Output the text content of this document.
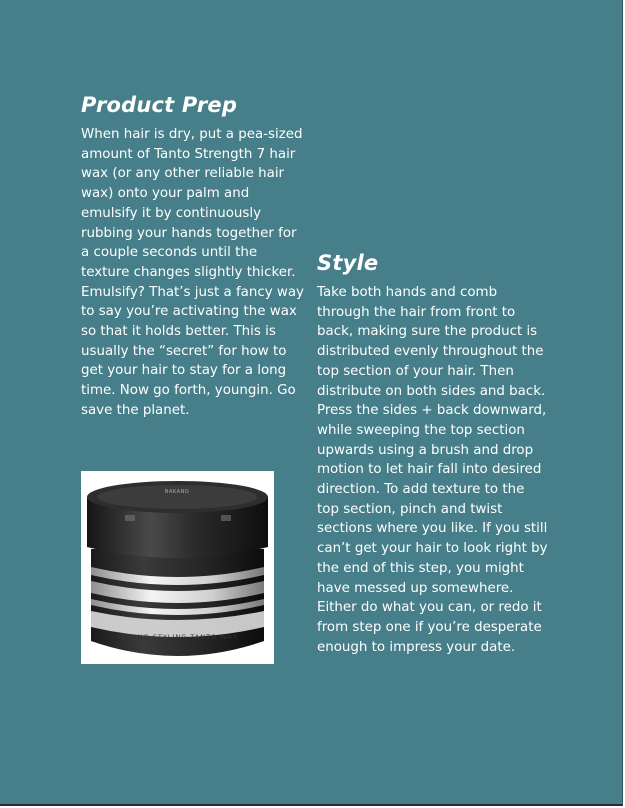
Product Prep

When hair is dry, put a pea-sized amount of Tanto Strength 7 hair wax (or any other reliable hair wax) onto your palm and emulsify it by continuously rubbing your hands together for a couple seconds until the texture changes slightly thicker. Emulsify? That’s just a fancy way to say you’re activating the wax so that it holds better. This is usually the “secret” for how to get your hair to stay for a long time. Now go forth, youngin. Go save the planet.

NAKANO STYLING TANTO WAX
NAKANO
Style

Take both hands and comb through the hair from front to back, making sure the product is distributed evenly throughout the top section of your hair. Then distribute on both sides and back. Press the sides + back downward, while sweeping the top section upwards using a brush and drop motion to let hair fall into desired direction. To add texture to the top section, pinch and twist sections where you like. If you still can’t get your hair to look right by the end of this step, you might have messed up somewhere. Either do what you can, or redo it from step one if you’re desperate enough to impress your date.
